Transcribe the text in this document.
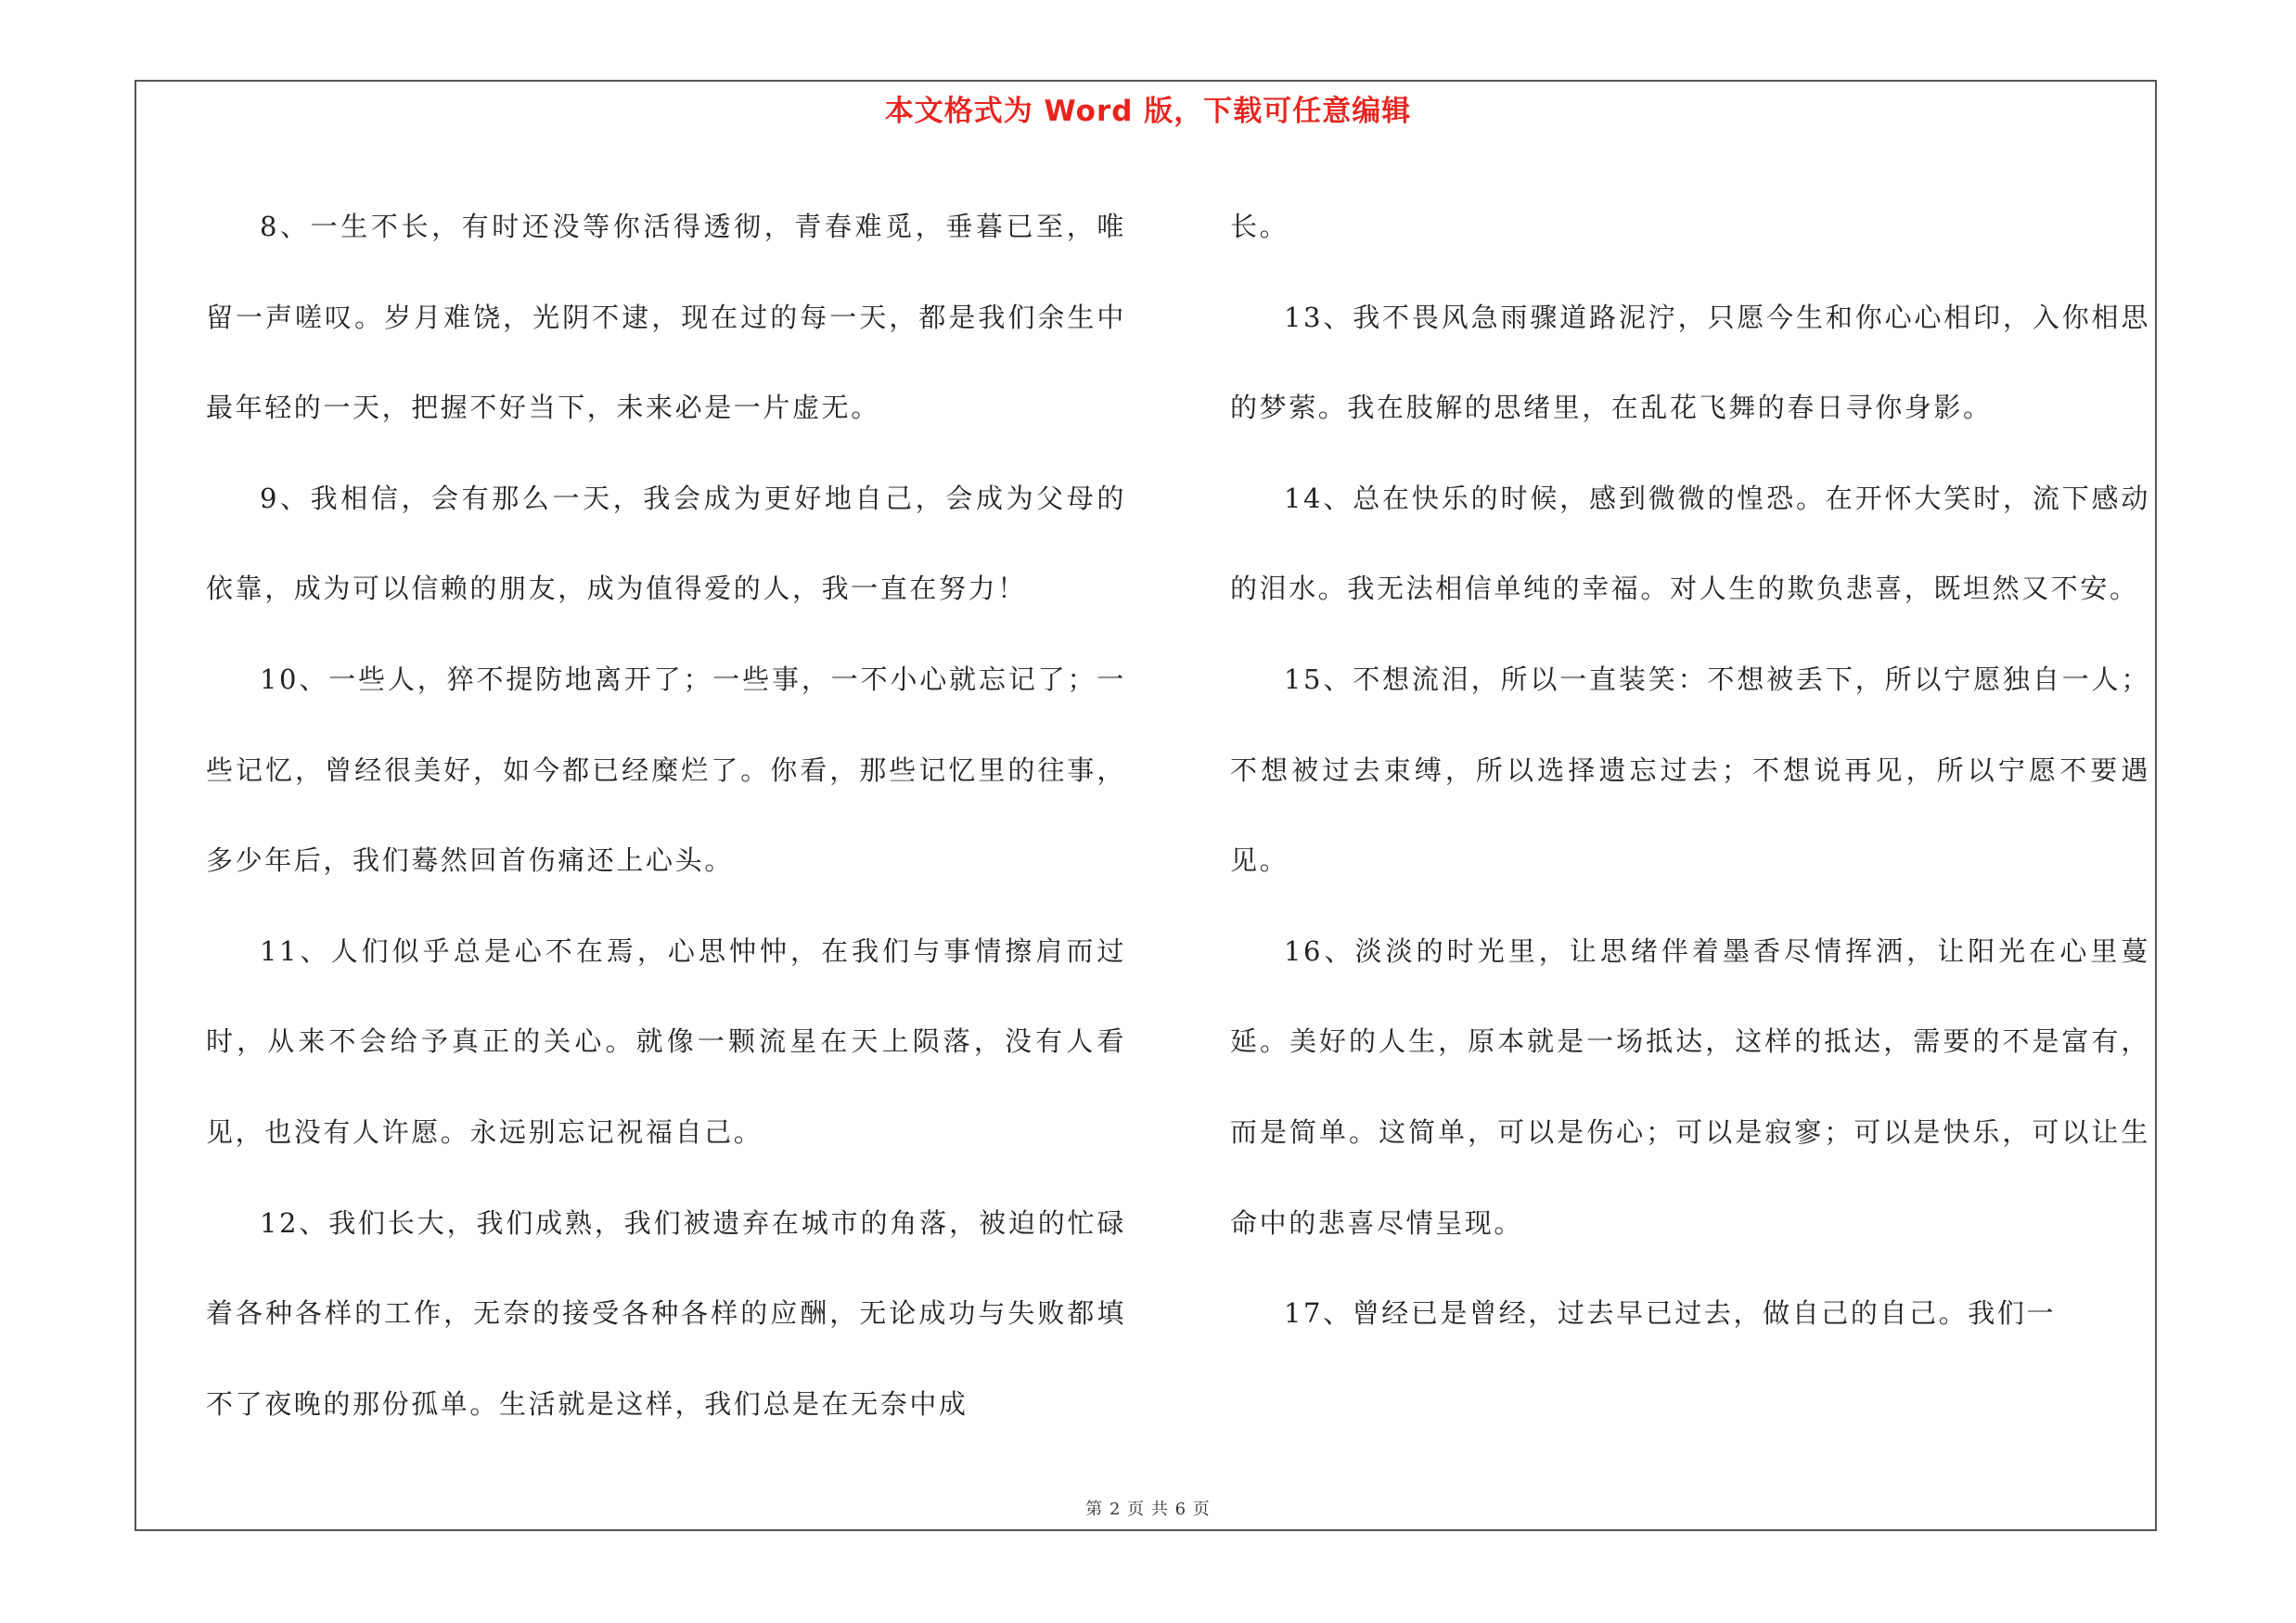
本文格式为 Word 版，下载可任意编辑

8、一生不长，有时还没等你活得透彻，青春难觅，垂暮已至，唯留一声嗟叹。岁月难饶，光阴不逮，现在过的每一天，都是我们余生中最年轻的一天，把握不好当下，未来必是一片虚无。

9、我相信，会有那么一天，我会成为更好地自己，会成为父母的依靠，成为可以信赖的朋友，成为值得爱的人，我一直在努力！

10、一些人，猝不提防地离开了；一些事，一不小心就忘记了；一些记忆，曾经很美好，如今都已经糜烂了。你看，那些记忆里的往事，多少年后，我们蓦然回首伤痛还上心头。

11、人们似乎总是心不在焉，心思忡忡，在我们与事情擦肩而过时，从来不会给予真正的关心。就像一颗流星在天上陨落，没有人看见，也没有人许愿。永远别忘记祝福自己。

12、我们长大，我们成熟，我们被遗弃在城市的角落，被迫的忙碌着各种各样的工作，无奈的接受各种各样的应酬，无论成功与失败都填不了夜晚的那份孤单。生活就是这样，我们总是在无奈中成

长。

13、我不畏风急雨骤道路泥泞，只愿今生和你心心相印，入你相思的梦萦。我在肢解的思绪里，在乱花飞舞的春日寻你身影。

14、总在快乐的时候，感到微微的惶恐。在开怀大笑时，流下感动的泪水。我无法相信单纯的幸福。对人生的欺负悲喜，既坦然又不安。

15、不想流泪，所以一直装笑：不想被丢下，所以宁愿独自一人；不想被过去束缚，所以选择遗忘过去；不想说再见，所以宁愿不要遇见。

16、淡淡的时光里，让思绪伴着墨香尽情挥洒，让阳光在心里蔓延。美好的人生，原本就是一场抵达，这样的抵达，需要的不是富有，而是简单。这简单，可以是伤心；可以是寂寥；可以是快乐，可以让生命中的悲喜尽情呈现。

17、曾经已是曾经，过去早已过去，做自己的自己。我们一

第 2 页 共 6 页
